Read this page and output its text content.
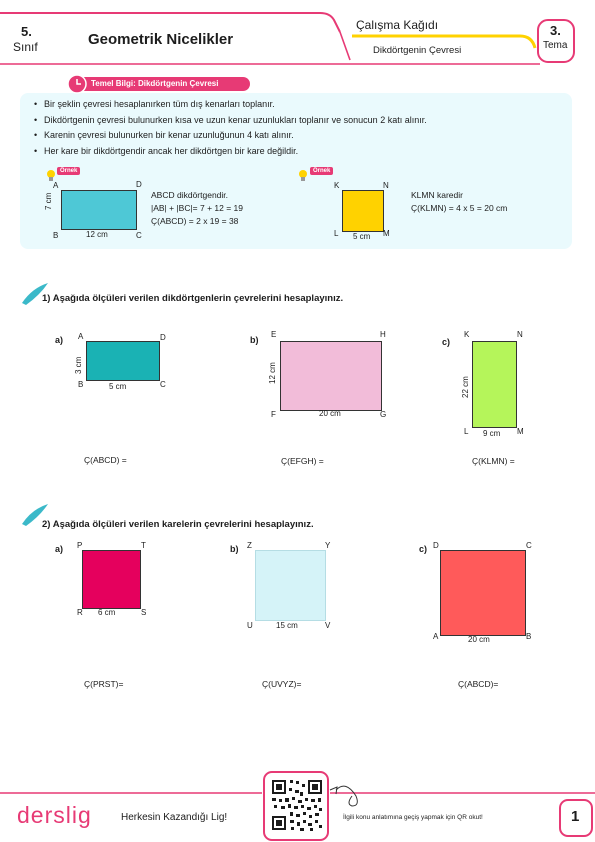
5.
Sınıf	Geometrik Nicelikler
Çalışma Kağıdı
Dikdörtgenin Çevresi
3.
Tema
Temel Bilgi: Dikdörtgenin Çevresi
• Bir şeklin çevresi hesaplanırken tüm dış kenarları toplanır.
• Dikdörtgenin çevresi bulunurken kısa ve uzun kenar uzunlukları toplanır ve sonucun 2 katı alınır.
• Karenin çevresi bulunurken bir kenar uzunluğunun 4 katı alınır.
• Her kare bir dikdörtgendir ancak her dikdörtgen bir kare değildir.
Örnek	Örnek
A	D
B	C
7 cm
12 cm
ABCD dikdörtgendir.
|AB| + |BC|= 7 + 12 = 19
Ç(ABCD) = 2 x 19 = 38
K	N
L	M
5 cm
KLMN karedir
Ç(KLMN) = 4 x 5 = 20 cm
1) Aşağıda ölçüleri verilen dikdörtgenlerin çevrelerini hesaplayınız.
a) A	D
B	C
3 cm
5 cm
Ç(ABCD) =
b)
E	H
F	G
12 cm
20 cm
Ç(EFGH) =
c)
K	N
L	M
22 cm
9 cm
Ç(KLMN) =
2) Aşağıda ölçüleri verilen karelerin çevrelerini hesaplayınız.
a) P	T
R	S
6 cm
Ç(PRST)=
b) Z	Y
U	V
15 cm
Ç(UVYZ)=
c) D	C
A	B
20 cm
Ç(ABCD)=
derslig	Herkesin Kazandığı Lig!	İlgili konu anlatımına geçiş yapmak için QR okut!	1
